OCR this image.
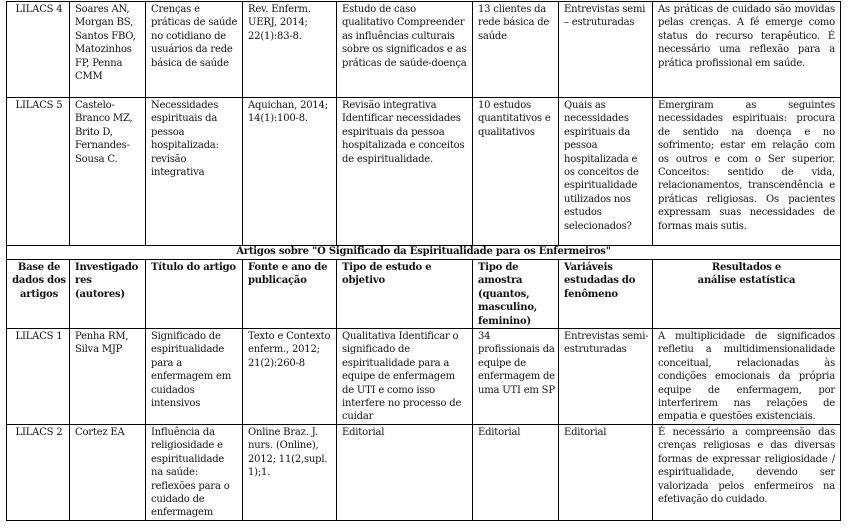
LILACS 4	Soares AN, Morgan BS, Santos FBO, Matozinhos FP, Penna CMM	Crenças e práticas de saúde no cotidiano de usuários da rede básica de saúde	Rev. Enferm. UERJ, 2014; 22(1):83-8.	Estudo de caso qualitativo Compreender as influências culturais sobre os significados e as práticas de saúde-doença	13 clientes da rede básica de saúde	Entrevistas semi – estruturadas	As práticas de cuidado são movidas pelas crenças. A fé emerge como status do recurso terapêutico. É necessário uma reflexão para a prática profissional em saúde.
LILACS 5	Castelo-Branco MZ, Brito D, Fernandes-Sousa C.	Necessidades espirituais da pessoa hospitalizada: revisão integrativa	Aquichan, 2014; 14(1):100-8.	Revisão integrativa Identificar necessidades espirituais da pessoa hospitalizada e conceitos de espiritualidade.	10 estudos quantitativos e qualitativos	Quais as necessidades espirituais da pessoa hospitalizada e os conceitos de espiritualidade utilizados nos estudos selecionados?	Emergiram as seguintes necessidades espirituais: procura de sentido na doença e no sofrimento; estar em relação com os outros e com o Ser superior. Conceitos: sentido de vida, relacionamentos, transcendência e práticas religiosas. Os pacientes expressam suas necessidades de formas mais sutis.
Artigos sobre "O Significado da Espiritualidade para os Enfermeiros"							
Base de dados dos artigos	Investigado res (autores)	Título do artigo	Fonte e ano de publicação	Tipo de estudo e objetivo	Tipo de amostra (quantos, masculino, feminino)	Variáveis estudadas do fenômeno	Resultados e análise estatística
LILACS 1	Penha RM, Silva MJP	Significado de espiritualidade para a enfermagem em cuidados intensivos	Texto e Contexto enferm., 2012; 21(2):260-8	Qualitativa Identificar o significado de espiritualidade para a equipe de enfermagem de UTI e como isso interfere no processo de cuidar	34 profissionais da equipe de enfermagem de uma UTI em SP	Entrevistas semi-estruturadas	A multiplicidade de significados refletiu a multidimensionalidade conceitual, relacionadas às condições emocionais da própria equipe de enfermagem, por interferirem nas relações de empatia e questões existenciais.
LILACS 2	Cortez EA	Influência da religiosidade e espiritualidade na saúde: reflexões para o cuidado de enfermagem	Online Braz. J. nurs. (Online), 2012; 11(2,supl. 1);1.	Editorial	Editorial	Editorial	É necessário a compreensão das crenças religiosas e das diversas formas de expressar religiosidade / espiritualidade, devendo ser valorizada pelos enfermeiros na efetivação do cuidado.
